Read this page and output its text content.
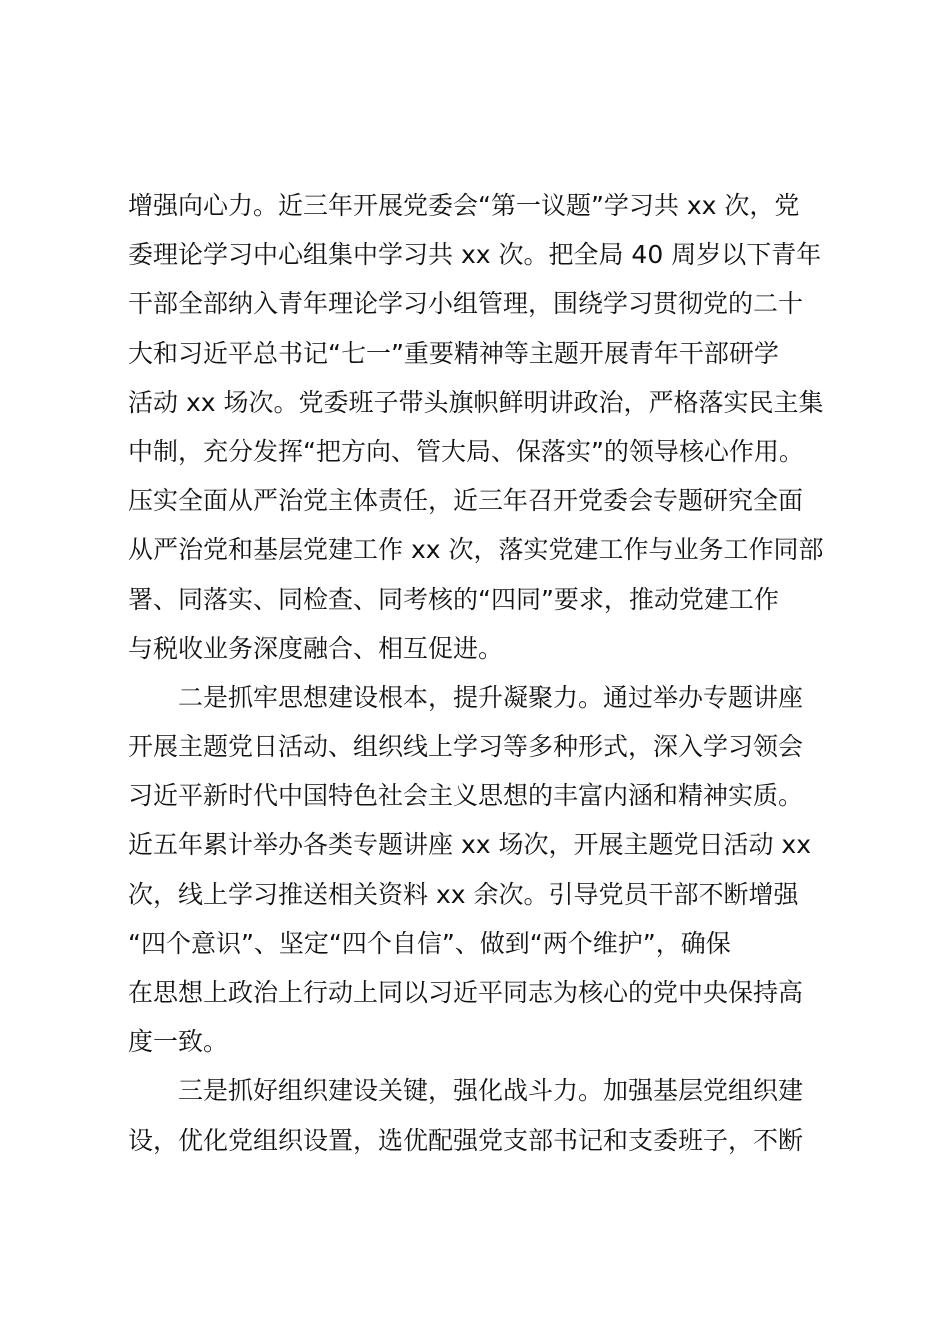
增强向心力。近三年开展党委会“第一议题”学习共 xx 次，党
委理论学习中心组集中学习共 xx 次。把全局 40 周岁以下青年
干部全部纳入青年理论学习小组管理，围绕学习贯彻党的二十
大和习近平总书记“七一”重要精神等主题开展青年干部研学
活动 xx 场次。党委班子带头旗帜鲜明讲政治，严格落实民主集
中制，充分发挥“把方向、管大局、保落实”的领导核心作用。
压实全面从严治党主体责任，近三年召开党委会专题研究全面
从严治党和基层党建工作 xx 次，落实党建工作与业务工作同部
署、同落实、同检查、同考核的“四同”要求，推动党建工作
与税收业务深度融合、相互促进。
二是抓牢思想建设根本，提升凝聚力。通过举办专题讲座
开展主题党日活动、组织线上学习等多种形式，深入学习领会
习近平新时代中国特色社会主义思想的丰富内涵和精神实质。
近五年累计举办各类专题讲座 xx 场次，开展主题党日活动 xx
次，线上学习推送相关资料 xx 余次。引导党员干部不断增强
“四个意识”、坚定“四个自信”、做到“两个维护”，确保
在思想上政治上行动上同以习近平同志为核心的党中央保持高
度一致。
三是抓好组织建设关键，强化战斗力。加强基层党组织建
设，优化党组织设置，选优配强党支部书记和支委班子，不断
